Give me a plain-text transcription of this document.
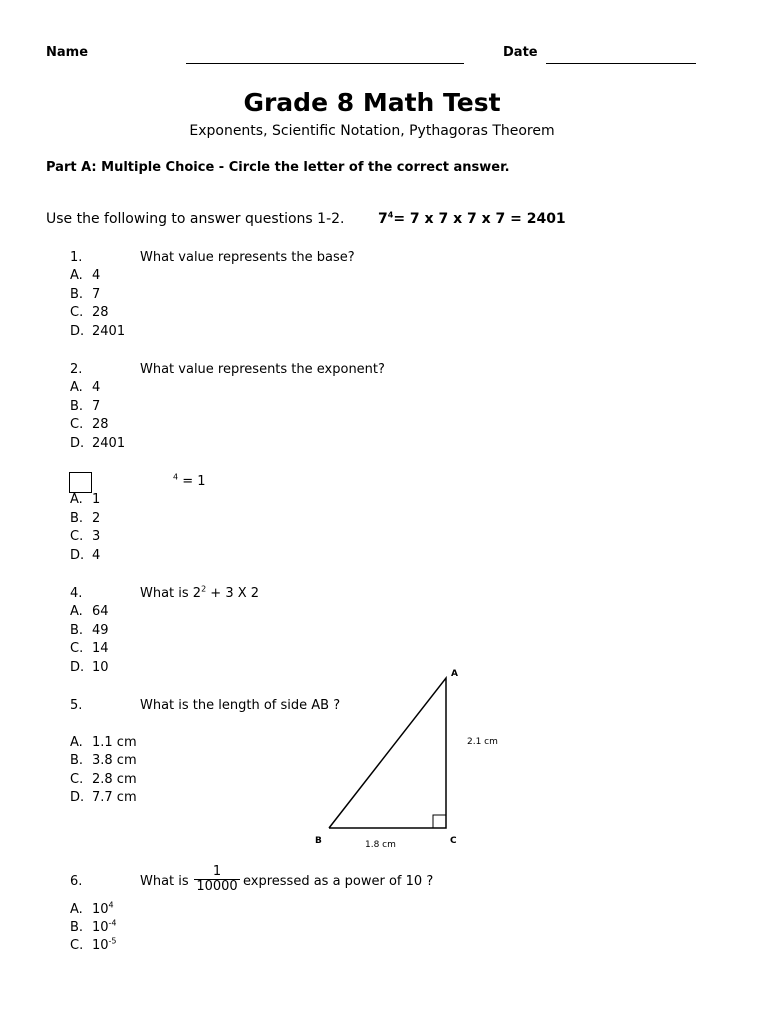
Name	Date
Grade 8 Math Test
Exponents, Scientific Notation, Pythagoras Theorem
Part A: Multiple Choice - Circle the letter of the correct answer.
Use the following to answer questions 1-2. $7^4= 7$ x 7 x 7 x 7 = 2401
1.	What value represents the base?
A. 4
B. 7
C. 28
D. 2401
2.	What value represents the exponent?
A. 4
B. 7
C. 28
D. 2401
$^4$ = 1
A. 1
B. 2
C. 3
D. 4
4.	What is $2^2 + 3$ X 2
A. 64
B. 49
C. 14
D. 10
5.	What is the length of side AB ?
A. 1.1 cm
B. 3.8 cm
C. 2.8 cm
D. 7.7 cm
A
B	C
2.1 cm
1.8 cm
6.	What is $\frac{1}{10000}$ expressed as a power of 10 ?
A. $10^4$
B. $10^{-4}$
C. $10^{-5}$
